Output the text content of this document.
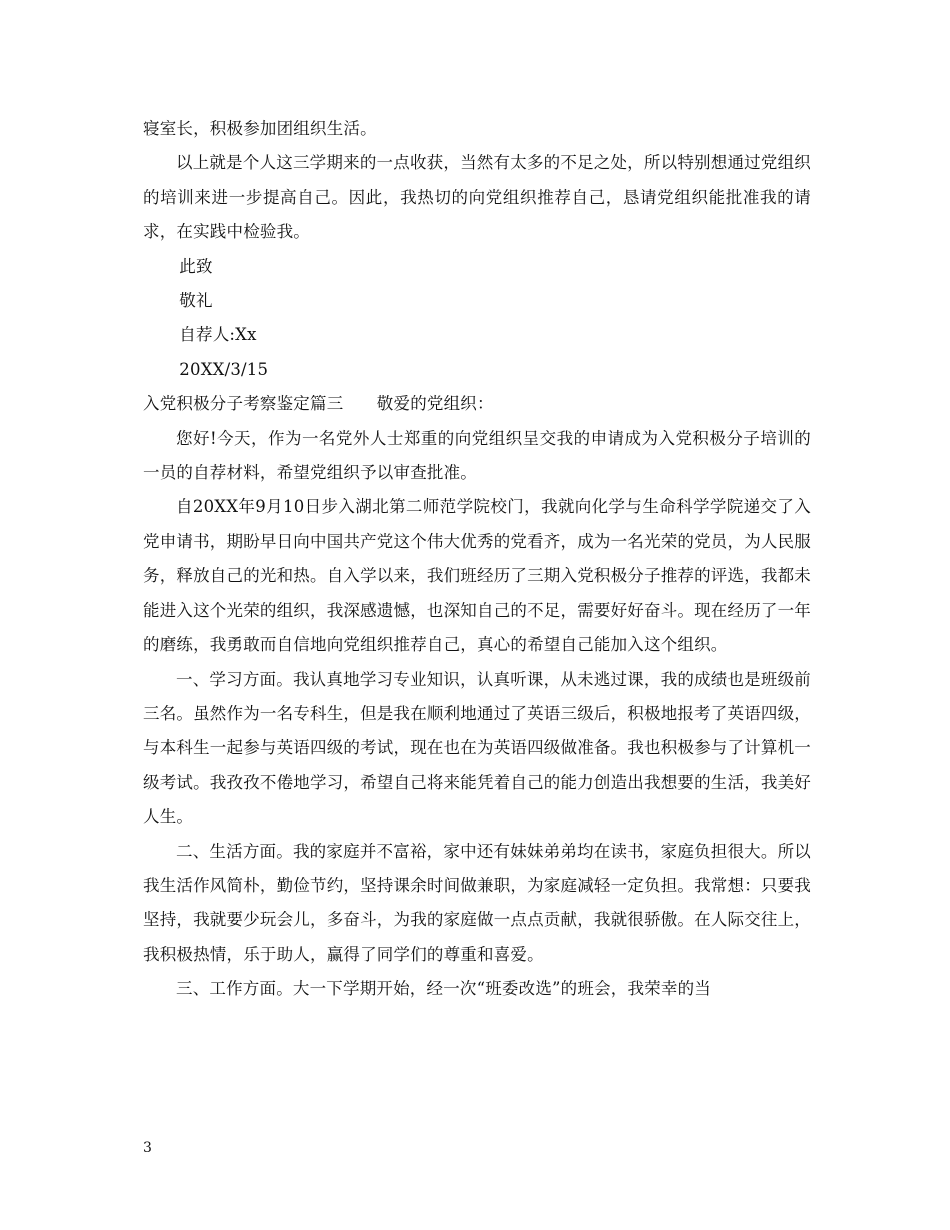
寝室长，积极参加团组织生活。

以上就是个人这三学期来的一点收获，当然有太多的不足之处，所以特别想通过党组织的培训来进一步提高自己。因此，我热切的向党组织推荐自己，恳请党组织能批准我的请求，在实践中检验我。

此致

敬礼

自荐人:Xx

20XX/3/15

入党积极分子考察鉴定篇三　　敬爱的党组织：

您好!今天，作为一名党外人士郑重的向党组织呈交我的申请成为入党积极分子培训的一员的自荐材料，希望党组织予以审查批准。

自20XX年9月10日步入湖北第二师范学院校门，我就向化学与生命科学学院递交了入党申请书，期盼早日向中国共产党这个伟大优秀的党看齐，成为一名光荣的党员，为人民服务，释放自己的光和热。自入学以来，我们班经历了三期入党积极分子推荐的评选，我都未能进入这个光荣的组织，我深感遗憾，也深知自己的不足，需要好好奋斗。现在经历了一年的磨练，我勇敢而自信地向党组织推荐自己，真心的希望自己能加入这个组织。

一、学习方面。我认真地学习专业知识，认真听课，从未逃过课，我的成绩也是班级前三名。虽然作为一名专科生，但是我在顺利地通过了英语三级后，积极地报考了英语四级，与本科生一起参与英语四级的考试，现在也在为英语四级做准备。我也积极参与了计算机一级考试。我孜孜不倦地学习，希望自己将来能凭着自己的能力创造出我想要的生活，我美好人生。

二、生活方面。我的家庭并不富裕，家中还有妹妹弟弟均在读书，家庭负担很大。所以我生活作风简朴，勤俭节约，坚持课余时间做兼职，为家庭减轻一定负担。我常想：只要我坚持，我就要少玩会儿，多奋斗，为我的家庭做一点点贡献，我就很骄傲。在人际交往上，我积极热情，乐于助人，赢得了同学们的尊重和喜爱。

三、工作方面。大一下学期开始，经一次“班委改选”的班会，我荣幸的当

3
